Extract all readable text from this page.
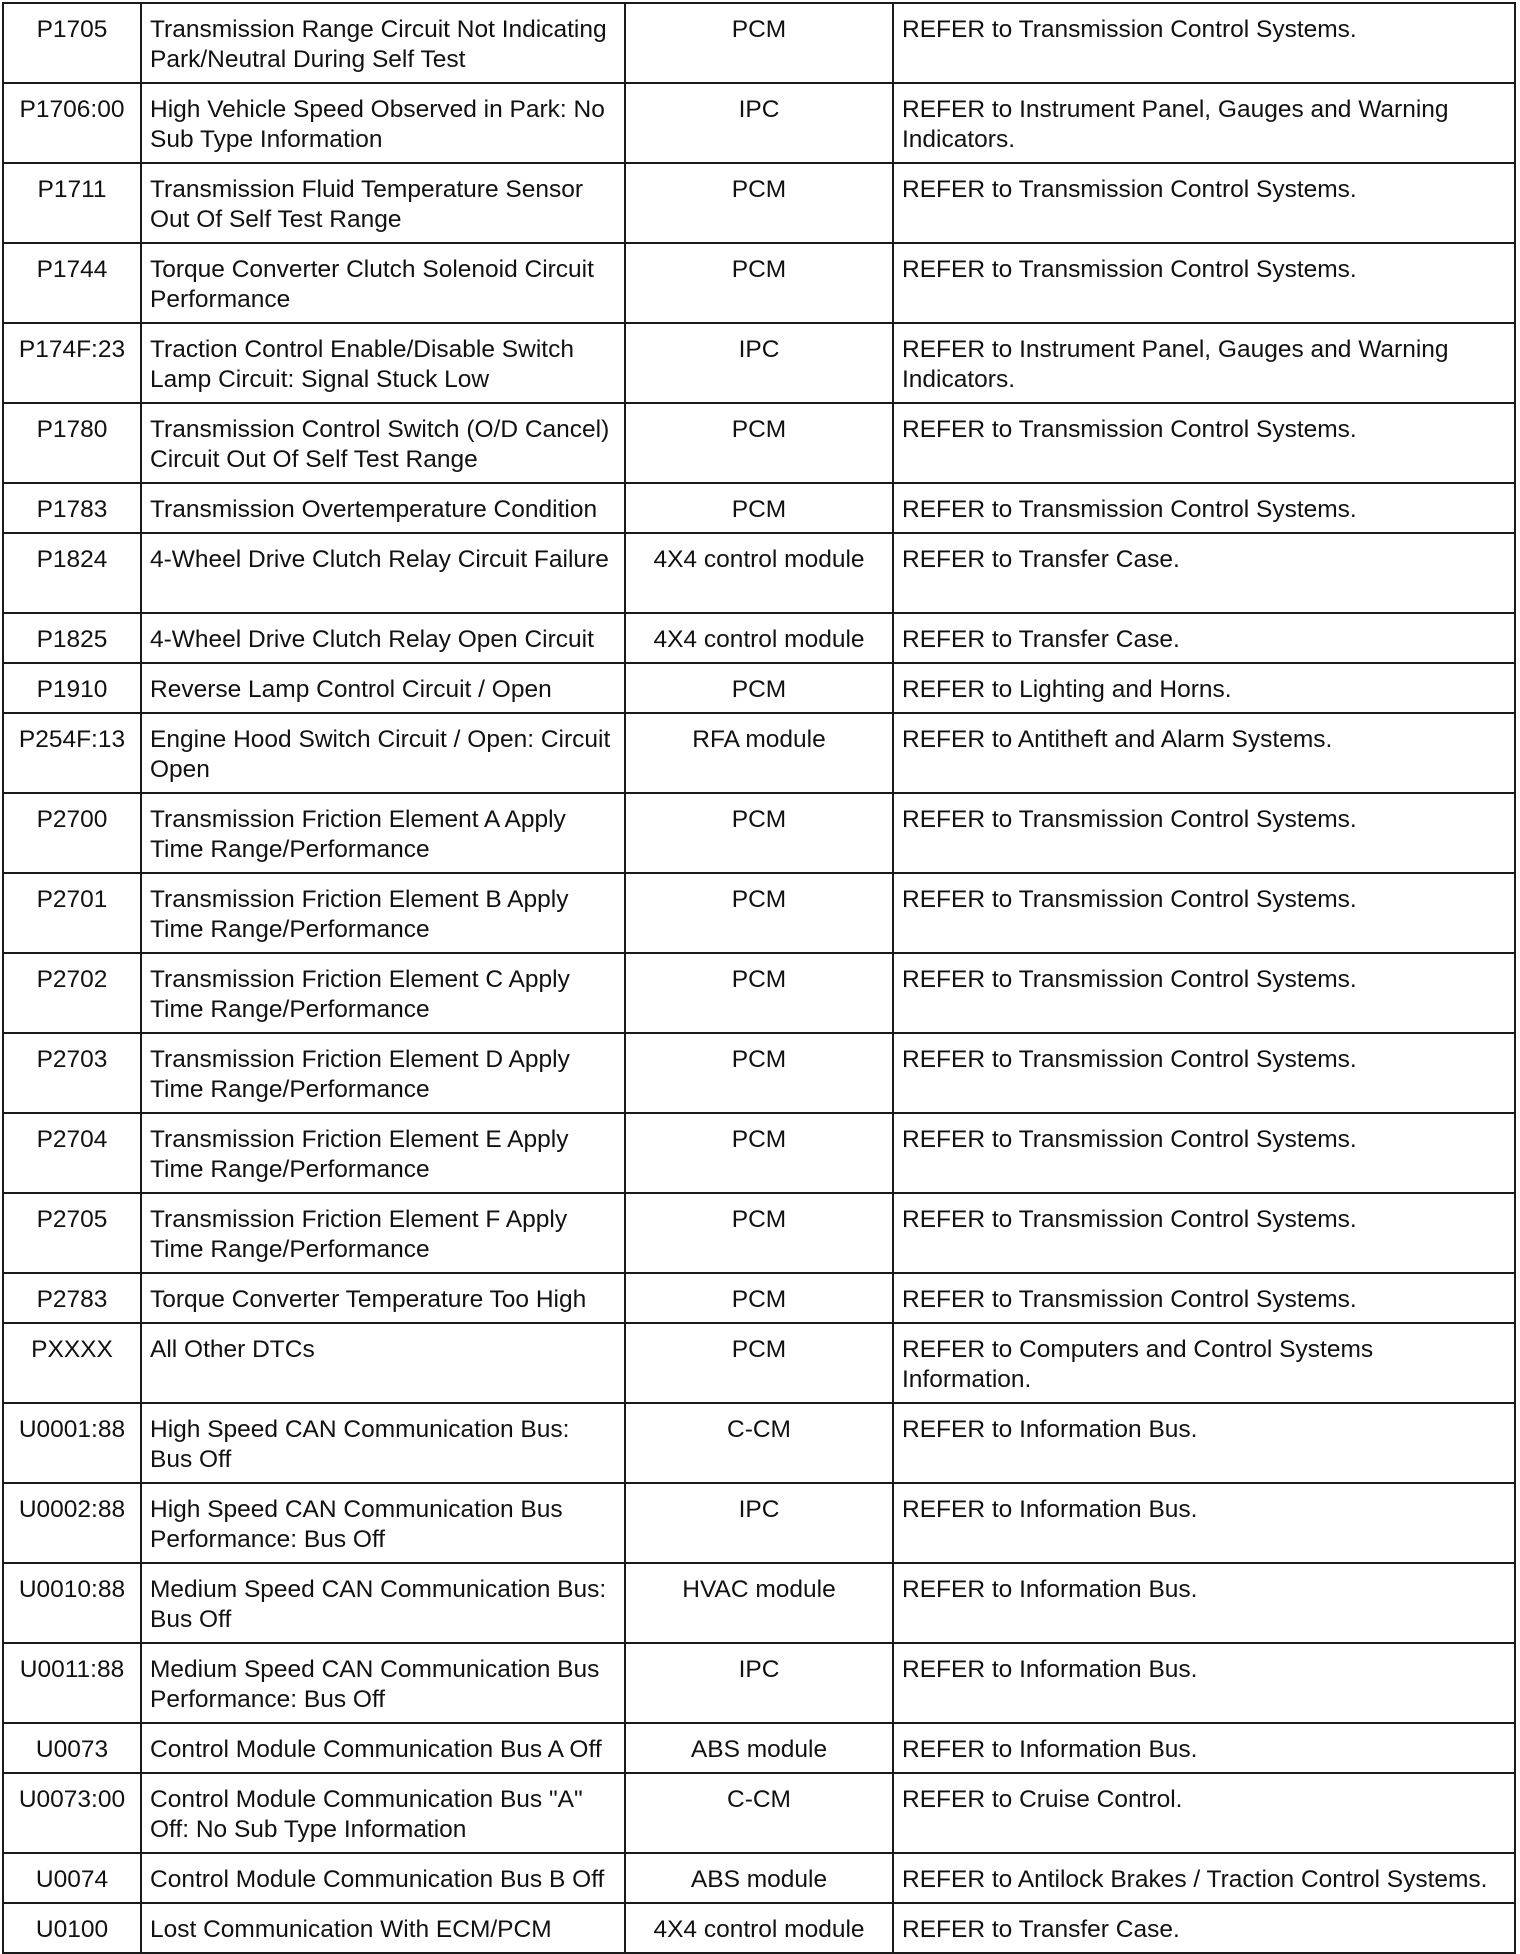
P1705	Transmission Range Circuit Not Indicating Park/Neutral During Self Test	PCM	REFER to Transmission Control Systems.
P1706:00	High Vehicle Speed Observed in Park: No Sub Type Information	IPC	REFER to Instrument Panel, Gauges and Warning Indicators.
P1711	Transmission Fluid Temperature Sensor Out Of Self Test Range	PCM	REFER to Transmission Control Systems.
P1744	Torque Converter Clutch Solenoid Circuit Performance	PCM	REFER to Transmission Control Systems.
P174F:23	Traction Control Enable/Disable Switch Lamp Circuit: Signal Stuck Low	IPC	REFER to Instrument Panel, Gauges and Warning Indicators.
P1780	Transmission Control Switch (O/D Cancel) Circuit Out Of Self Test Range	PCM	REFER to Transmission Control Systems.
P1783	Transmission Overtemperature Condition	PCM	REFER to Transmission Control Systems.
P1824	4-Wheel Drive Clutch Relay Circuit Failure	4X4 control module	REFER to Transfer Case.
P1825	4-Wheel Drive Clutch Relay Open Circuit	4X4 control module	REFER to Transfer Case.
P1910	Reverse Lamp Control Circuit / Open	PCM	REFER to Lighting and Horns.
P254F:13	Engine Hood Switch Circuit / Open: Circuit Open	RFA module	REFER to Antitheft and Alarm Systems.
P2700	Transmission Friction Element A Apply Time Range/Performance	PCM	REFER to Transmission Control Systems.
P2701	Transmission Friction Element B Apply Time Range/Performance	PCM	REFER to Transmission Control Systems.
P2702	Transmission Friction Element C Apply Time Range/Performance	PCM	REFER to Transmission Control Systems.
P2703	Transmission Friction Element D Apply Time Range/Performance	PCM	REFER to Transmission Control Systems.
P2704	Transmission Friction Element E Apply Time Range/Performance	PCM	REFER to Transmission Control Systems.
P2705	Transmission Friction Element F Apply Time Range/Performance	PCM	REFER to Transmission Control Systems.
P2783	Torque Converter Temperature Too High	PCM	REFER to Transmission Control Systems.
PXXXX	All Other DTCs	PCM	REFER to Computers and Control Systems Information.
U0001:88	High Speed CAN Communication Bus: Bus Off	C-CM	REFER to Information Bus.
U0002:88	High Speed CAN Communication Bus Performance: Bus Off	IPC	REFER to Information Bus.
U0010:88	Medium Speed CAN Communication Bus: Bus Off	HVAC module	REFER to Information Bus.
U0011:88	Medium Speed CAN Communication Bus Performance: Bus Off	IPC	REFER to Information Bus.
U0073	Control Module Communication Bus A Off	ABS module	REFER to Information Bus.
U0073:00	Control Module Communication Bus "A" Off: No Sub Type Information	C-CM	REFER to Cruise Control.
U0074	Control Module Communication Bus B Off	ABS module	REFER to Antilock Brakes / Traction Control Systems.
U0100	Lost Communication With ECM/PCM	4X4 control module	REFER to Transfer Case.
